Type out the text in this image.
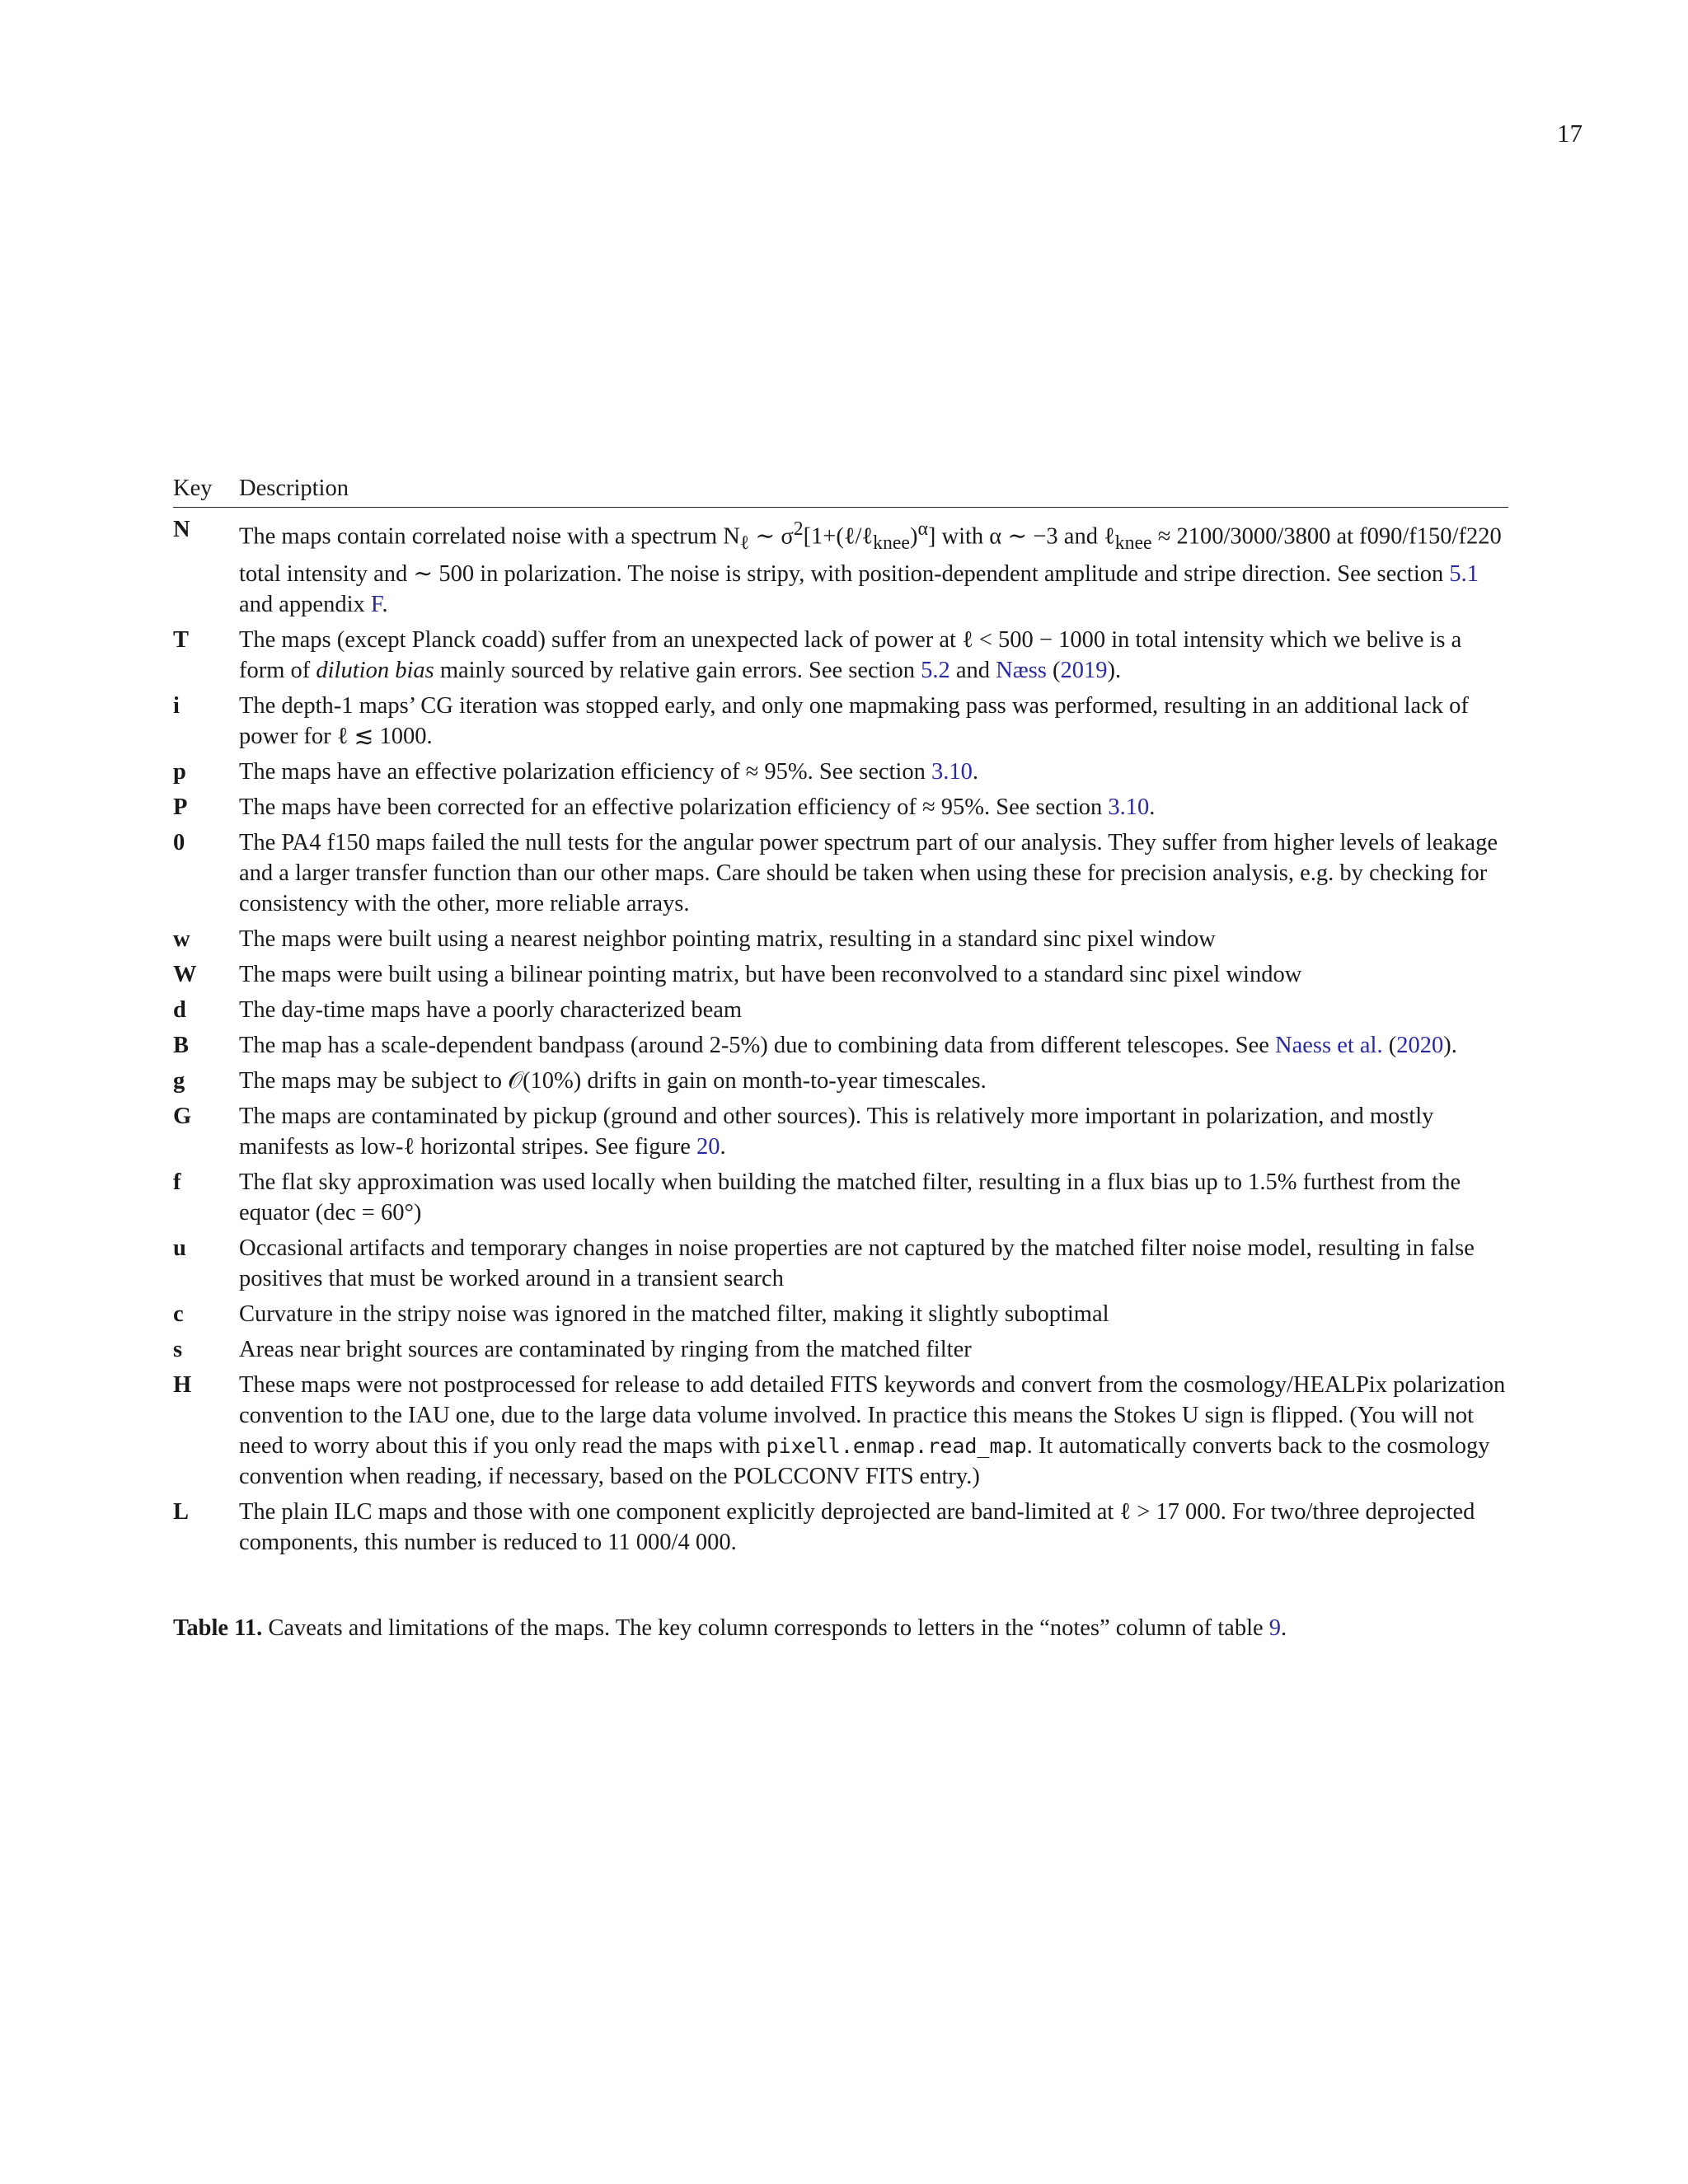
17
Key	Description
N	The maps contain correlated noise with a spectrum $N_\ell$ ∼ $\sigma^2[1+(\ell/\ell_{knee})^\alpha]$ with α ∼ −3 and ℓ$_{knee}$ ≈ 2100/3000/3800 at f090/f150/f220 total intensity and ∼ 500 in polarization. The noise is stripy, with position-dependent amplitude and stripe direction. See section 5.1 and appendix F.
T	The maps (except Planck coadd) suffer from an unexpected lack of power at ℓ < 500 − 1000 in total intensity which we belive is a form of dilution bias mainly sourced by relative gain errors. See section 5.2 and Næss (2019).
i	The depth-1 maps’ CG iteration was stopped early, and only one mapmaking pass was performed, resulting in an additional lack of power for ℓ ≲ 1000.
p	The maps have an effective polarization efficiency of ≈ 95%. See section 3.10.
P	The maps have been corrected for an effective polarization efficiency of ≈ 95%. See section 3.10.
0	The PA4 f150 maps failed the null tests for the angular power spectrum part of our analysis. They suffer from higher levels of leakage and a larger transfer function than our other maps. Care should be taken when using these for precision analysis, e.g. by checking for consistency with the other, more reliable arrays.
w	The maps were built using a nearest neighbor pointing matrix, resulting in a standard sinc pixel window
W	The maps were built using a bilinear pointing matrix, but have been reconvolved to a standard sinc pixel window
d	The day-time maps have a poorly characterized beam
B	The map has a scale-dependent bandpass (around 2-5%) due to combining data from different telescopes. See Naess et al. (2020).
g	The maps may be subject to 𝒪(10%) drifts in gain on month-to-year timescales.
G	The maps are contaminated by pickup (ground and other sources). This is relatively more important in polarization, and mostly manifests as low-ℓ horizontal stripes. See figure 20.
f	The flat sky approximation was used locally when building the matched filter, resulting in a flux bias up to 1.5% furthest from the equator (dec = 60°)
u	Occasional artifacts and temporary changes in noise properties are not captured by the matched filter noise model, resulting in false positives that must be worked around in a transient search
c	Curvature in the stripy noise was ignored in the matched filter, making it slightly suboptimal
s	Areas near bright sources are contaminated by ringing from the matched filter
H	These maps were not postprocessed for release to add detailed FITS keywords and convert from the cosmology/HEALPix polarization convention to the IAU one, due to the large data volume involved. In practice this means the Stokes U sign is flipped. (You will not need to worry about this if you only read the maps with pixell.enmap.read_map. It automatically converts back to the cosmology convention when reading, if necessary, based on the POLCCONV FITS entry.)
L	The plain ILC maps and those with one component explicitly deprojected are band-limited at ℓ > 17 000. For two/three deprojected components, this number is reduced to 11 000/4 000.
Table 11. Caveats and limitations of the maps. The key column corresponds to letters in the “notes” column of table 9.
